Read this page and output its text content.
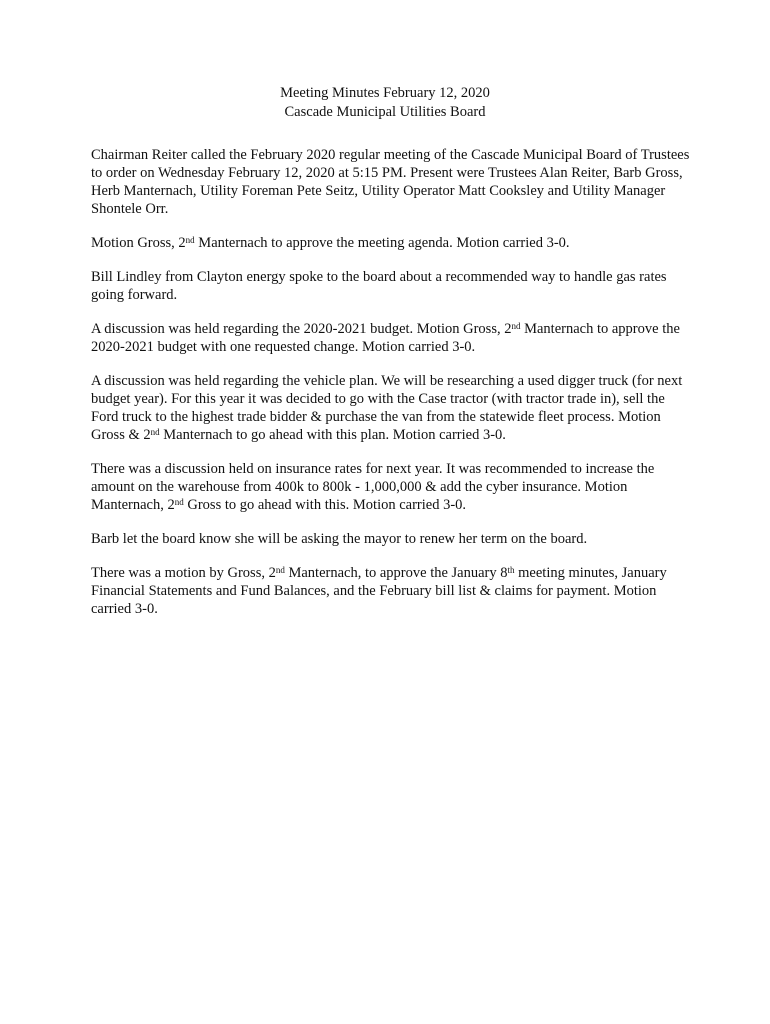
Meeting Minutes February 12, 2020
Cascade Municipal Utilities Board

Chairman Reiter called the February 2020 regular meeting of the Cascade Municipal Board of Trustees to order on Wednesday February 12, 2020 at 5:15 PM. Present were Trustees Alan Reiter, Barb Gross, Herb Manternach, Utility Foreman Pete Seitz, Utility Operator Matt Cooksley and Utility Manager Shontele Orr.

Motion Gross, 2nd Manternach to approve the meeting agenda. Motion carried 3-0.

Bill Lindley from Clayton energy spoke to the board about a recommended way to handle gas rates going forward.

A discussion was held regarding the 2020-2021 budget. Motion Gross, 2nd Manternach to approve the 2020-2021 budget with one requested change. Motion carried 3-0.

A discussion was held regarding the vehicle plan. We will be researching a used digger truck (for next budget year). For this year it was decided to go with the Case tractor (with tractor trade in), sell the Ford truck to the highest trade bidder & purchase the van from the statewide fleet process. Motion Gross & 2nd Manternach to go ahead with this plan. Motion carried 3-0.

There was a discussion held on insurance rates for next year. It was recommended to increase the amount on the warehouse from 400k to 800k - 1,000,000 & add the cyber insurance. Motion Manternach, 2nd Gross to go ahead with this. Motion carried 3-0.

Barb let the board know she will be asking the mayor to renew her term on the board.

There was a motion by Gross, 2nd Manternach, to approve the January 8th meeting minutes, January Financial Statements and Fund Balances, and the February bill list & claims for payment. Motion carried 3-0.
